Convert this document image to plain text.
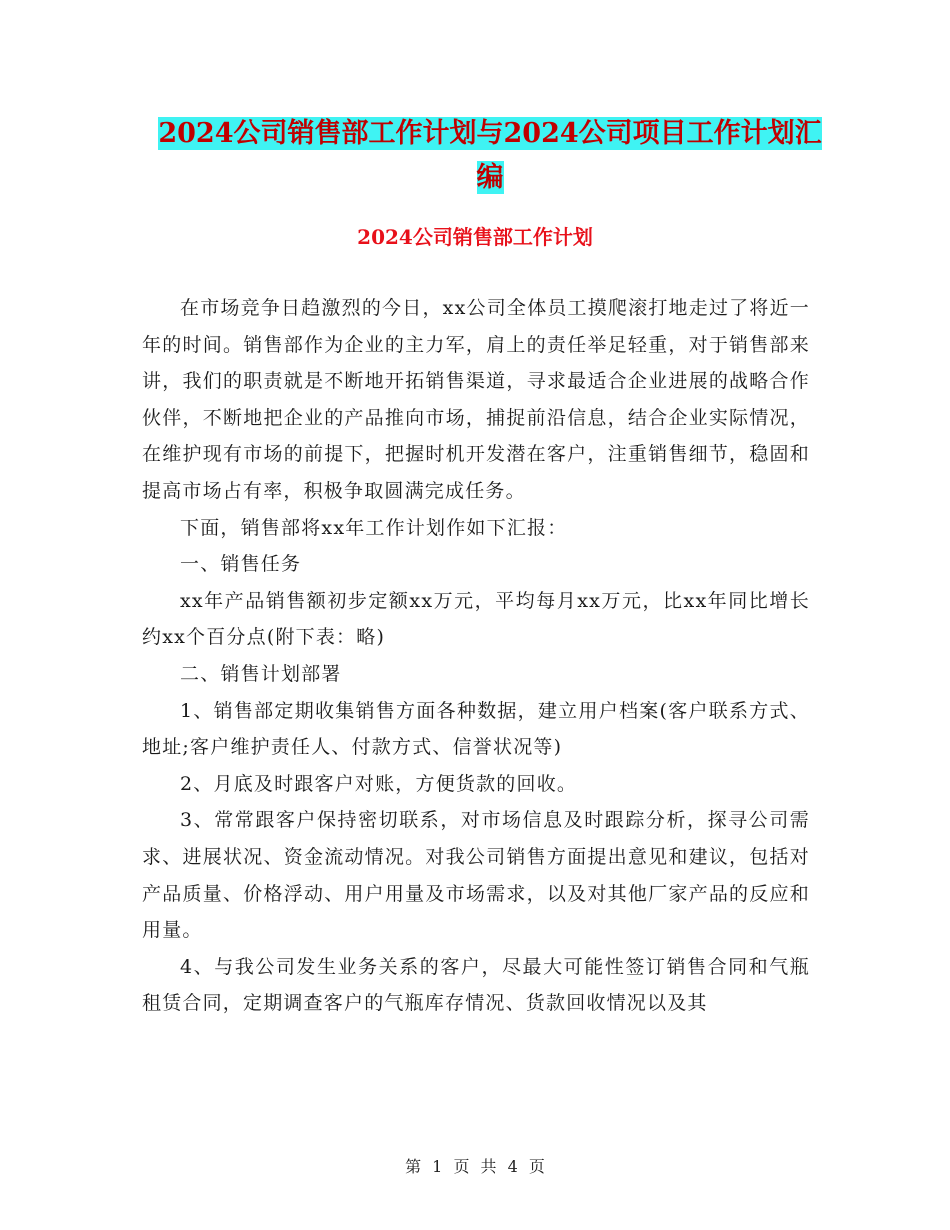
2024公司销售部工作计划与2024公司项目工作计划汇编
2024公司销售部工作计划

在市场竞争日趋激烈的今日，xx公司全体员工摸爬滚打地走过了将近一年的时间。销售部作为企业的主力军，肩上的责任举足轻重，对于销售部来讲，我们的职责就是不断地开拓销售渠道，寻求最适合企业进展的战略合作伙伴，不断地把企业的产品推向市场，捕捉前沿信息，结合企业实际情况，在维护现有市场的前提下，把握时机开发潜在客户，注重销售细节，稳固和提高市场占有率，积极争取圆满完成任务。

下面，销售部将xx年工作计划作如下汇报：

一、销售任务

xx年产品销售额初步定额xx万元，平均每月xx万元，比xx年同比增长约xx个百分点(附下表：略)

二、销售计划部署

1、销售部定期收集销售方面各种数据，建立用户档案(客户联系方式、地址;客户维护责任人、付款方式、信誉状况等)

2、月底及时跟客户对账，方便货款的回收。

3、常常跟客户保持密切联系，对市场信息及时跟踪分析，探寻公司需求、进展状况、资金流动情况。对我公司销售方面提出意见和建议，包括对产品质量、价格浮动、用户用量及市场需求，以及对其他厂家产品的反应和用量。

4、与我公司发生业务关系的客户，尽最大可能性签订销售合同和气瓶租赁合同，定期调查客户的气瓶库存情况、货款回收情况以及其

第 1 页 共 4 页
